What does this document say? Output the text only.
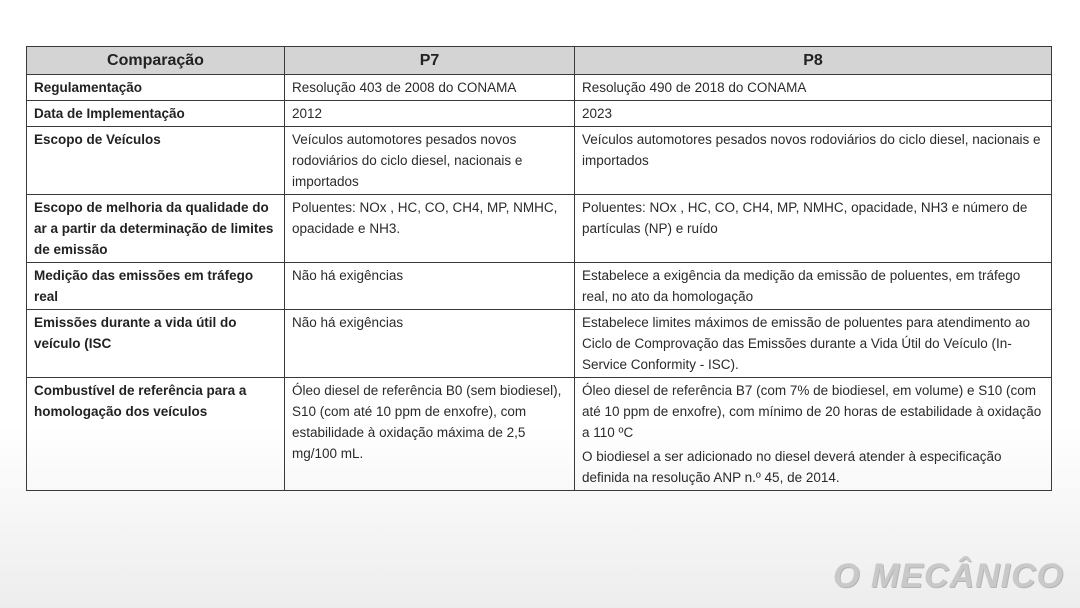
Comparação	P7	P8
Regulamentação	Resolução 403 de 2008 do CONAMA	Resolução 490 de 2018 do CONAMA

Data de Implementação	2012	2023

Escopo de Veículos	Veículos automotores pesados novos rodoviários do ciclo diesel, nacionais e importados	Veículos automotores pesados novos rodoviários do ciclo diesel, nacionais e importados

Escopo de melhoria da qualidade do ar a partir da determinação de limites de emissão	Poluentes: NOx , HC, CO, CH4, MP, NMHC, opacidade e NH3.	Poluentes: NOx , HC, CO, CH4, MP, NMHC, opacidade, NH3 e número de partículas (NP) e ruído

Medição das emissões em tráfego real	Não há exigências	Estabelece a exigência da medição da emissão de poluentes, em tráfego real, no ato da homologação

Emissões durante a vida útil do veículo (ISC	Não há exigências	Estabelece limites máximos de emissão de poluentes para atendimento ao Ciclo de Comprovação das Emissões durante a Vida Útil do Veículo (In-Service Conformity - ISC).

Combustível de referência para a homologação dos veículos	Óleo diesel de referência B0 (sem biodiesel), S10 (com até 10 ppm de enxofre), com estabilidade à oxidação máxima de 2,5 mg/100 mL.	Óleo diesel de referência B7 (com 7% de biodiesel, em volume) e S10 (com até 10 ppm de enxofre), com mínimo de 20 horas de estabilidade à oxidação a 110 ºC

O biodiesel a ser adicionado no diesel deverá atender à especificação definida na resolução ANP n.º 45, de 2014.

O MECÂNICO
